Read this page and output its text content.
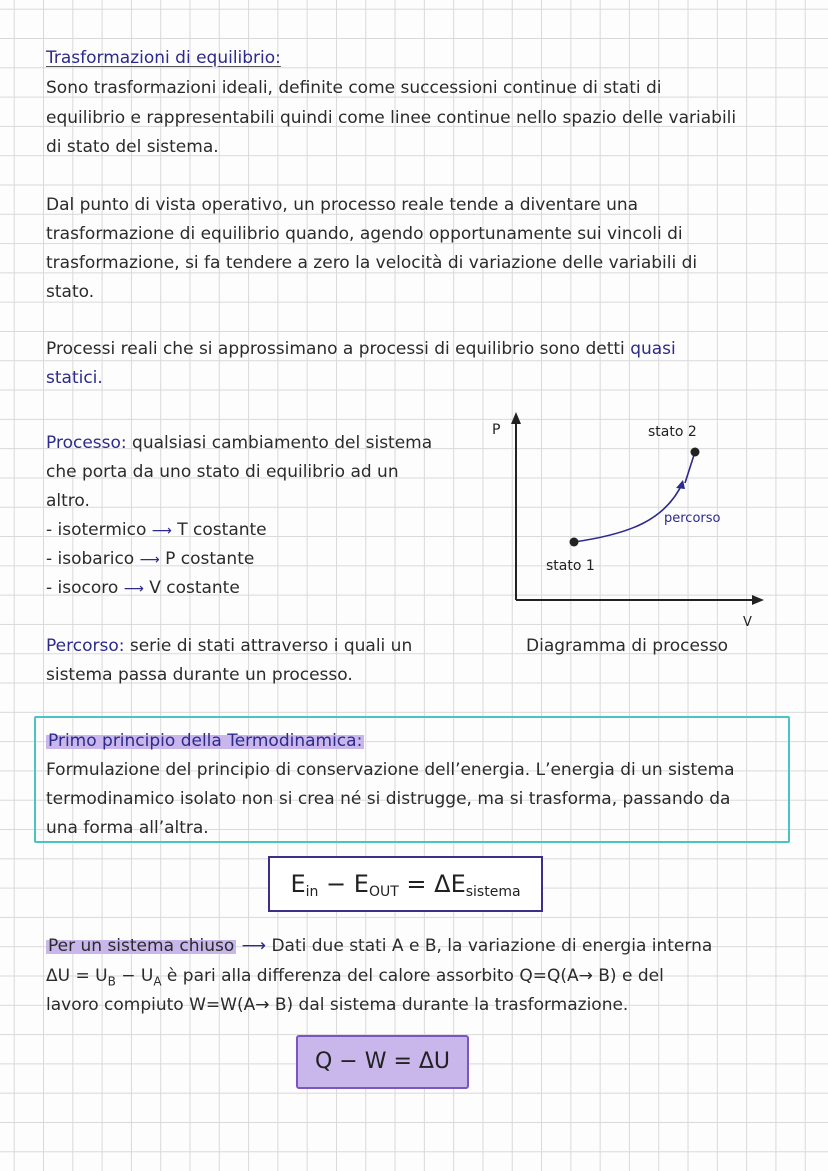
Trasformazioni di equilibrio:
Sono trasformazioni ideali, definite come successioni continue di stati di
equilibrio e rappresentabili quindi come linee continue nello spazio delle variabili
di stato del sistema.
Dal punto di vista operativo, un processo reale tende a diventare una
trasformazione di equilibrio quando, agendo opportunamente sui vincoli di
trasformazione, si fa tendere a zero la velocità di variazione delle variabili di
stato.
Processi reali che si approssimano a processi di equilibrio sono detti quasi
statici.
Processo: qualsiasi cambiamento del sistema
che porta da uno stato di equilibrio ad un
altro.
- isotermico ⟶ T costante
- isobarico ⟶ P costante
- isocoro ⟶ V costante
Percorso: serie di stati attraverso i quali un
sistema passa durante un processo.
P
V
stato 1
stato 2
percorso
Diagramma di processo
Primo principio della Termodinamica:
Formulazione del principio di conservazione dell’energia. L’energia di un sistema
termodinamico isolato non si crea né si distrugge, ma si trasforma, passando da
una forma all’altra.
$E_{in} - E_{OUT} = \Delta E_{sistema}$
Per un sistema chiuso ⟶ Dati due stati A e B, la variazione di energia interna
$\Delta U = U_B - U_A$ è pari alla differenza del calore assorbito Q=Q(A→ B) e del
lavoro compiuto W=W(A→ B) dal sistema durante la trasformazione.
Q − W = ΔU
